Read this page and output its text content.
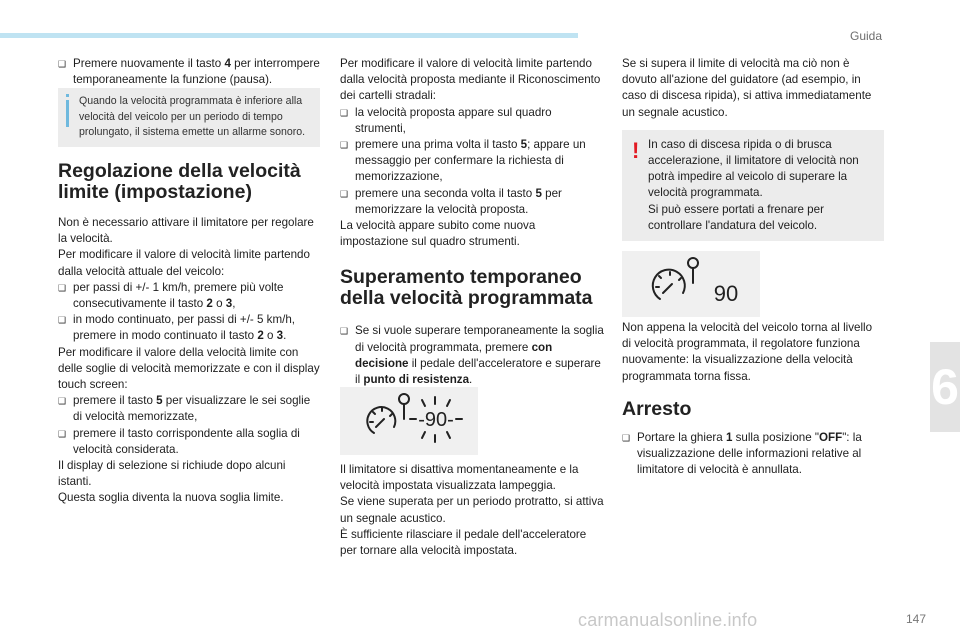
Guida

❑ Premere nuovamente il tasto 4 per interrompere temporaneamente la funzione (pausa).

Quando la velocità programmata è inferiore alla velocità del veicolo per un periodo di tempo prolungato, il sistema emette un allarme sonoro.

Regolazione della velocità limite (impostazione)

Non è necessario attivare il limitatore per regolare la velocità.

Per modificare il valore di velocità limite partendo dalla velocità attuale del veicolo:

❑ per passi di +/- 1 km/h, premere più volte consecutivamente il tasto 2 o 3,

❑ in modo continuato, per passi di +/- 5 km/h, premere in modo continuato il tasto 2 o 3.

Per modificare il valore della velocità limite con delle soglie di velocità memorizzate e con il display touch screen:

❑ premere il tasto 5 per visualizzare le sei soglie di velocità memorizzate,

❑ premere il tasto corrispondente alla soglia di velocità considerata.

Il display di selezione si richiude dopo alcuni istanti.

Questa soglia diventa la nuova soglia limite.

Per modificare il valore di velocità limite partendo dalla velocità proposta mediante il Riconoscimento dei cartelli stradali:

❑ la velocità proposta appare sul quadro strumenti,

❑ premere una prima volta il tasto 5; appare un messaggio per confermare la richiesta di memorizzazione,

❑ premere una seconda volta il tasto 5 per memorizzare la velocità proposta.

La velocità appare subito come nuova impostazione sul quadro strumenti.

Superamento temporaneo della velocità programmata

❑ Se si vuole superare temporaneamente la soglia di velocità programmata, premere con decisione il pedale dell'acceleratore e superare il punto di resistenza.

-90-

Il limitatore si disattiva momentaneamente e la velocità impostata visualizzata lampeggia.

Se viene superata per un periodo protratto, si attiva un segnale acustico.

È sufficiente rilasciare il pedale dell'acceleratore per tornare alla velocità impostata.

Se si supera il limite di velocità ma ciò non è dovuto all'azione del guidatore (ad esempio, in caso di discesa ripida), si attiva immediatamente un segnale acustico.

! In caso di discesa ripida o di brusca accelerazione, il limitatore di velocità non potrà impedire al veicolo di superare la velocità programmata.
Si può essere portati a frenare per controllare l'andatura del veicolo.
90

Non appena la velocità del veicolo torna al livello di velocità programmata, il regolatore funziona nuovamente: la visualizzazione della velocità programmata torna fissa.

Arresto

❑ Portare la ghiera 1 sulla posizione "OFF": la visualizzazione delle informazioni relative al limitatore di velocità è annullata.

6
carmanualsonline.info	147
